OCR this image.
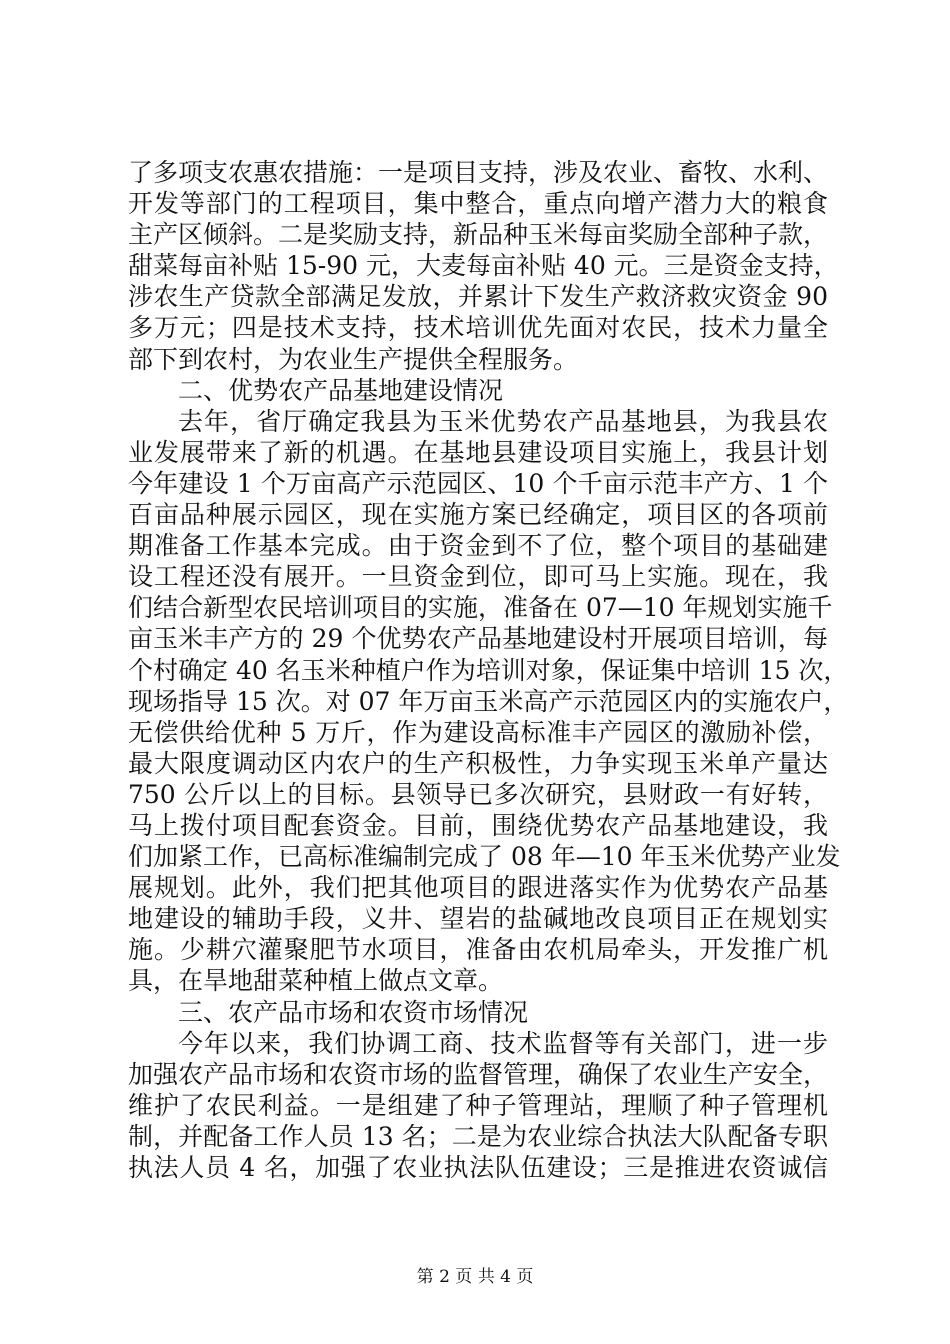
了多项支农惠农措施：一是项目支持，涉及农业、畜牧、水利、
开发等部门的工程项目，集中整合，重点向增产潜力大的粮食
主产区倾斜。二是奖励支持，新品种玉米每亩奖励全部种子款，
甜菜每亩补贴 15-90 元，大麦每亩补贴 40 元。三是资金支持，
涉农生产贷款全部满足发放，并累计下发生产救济救灾资金 90
多万元；四是技术支持，技术培训优先面对农民，技术力量全
部下到农村，为农业生产提供全程服务。
二、优势农产品基地建设情况
去年，省厅确定我县为玉米优势农产品基地县，为我县农
业发展带来了新的机遇。在基地县建设项目实施上，我县计划
今年建设 1 个万亩高产示范园区、10 个千亩示范丰产方、1 个
百亩品种展示园区，现在实施方案已经确定，项目区的各项前
期准备工作基本完成。由于资金到不了位，整个项目的基础建
设工程还没有展开。一旦资金到位，即可马上实施。现在，我
们结合新型农民培训项目的实施，准备在 07—10 年规划实施千
亩玉米丰产方的 29 个优势农产品基地建设村开展项目培训，每
个村确定 40 名玉米种植户作为培训对象，保证集中培训 15 次，
现场指导 15 次。对 07 年万亩玉米高产示范园区内的实施农户，
无偿供给优种 5 万斤，作为建设高标准丰产园区的激励补偿，
最大限度调动区内农户的生产积极性，力争实现玉米单产量达
750 公斤以上的目标。县领导已多次研究，县财政一有好转，
马上拨付项目配套资金。目前，围绕优势农产品基地建设，我
们加紧工作，已高标准编制完成了 08 年—10 年玉米优势产业发
展规划。此外，我们把其他项目的跟进落实作为优势农产品基
地建设的辅助手段，义井、望岩的盐碱地改良项目正在规划实
施。少耕穴灌聚肥节水项目，准备由农机局牵头，开发推广机
具，在旱地甜菜种植上做点文章。
三、农产品市场和农资市场情况
今年以来，我们协调工商、技术监督等有关部门，进一步
加强农产品市场和农资市场的监督管理，确保了农业生产安全，
维护了农民利益。一是组建了种子管理站，理顺了种子管理机
制，并配备工作人员 13 名；二是为农业综合执法大队配备专职
执法人员 4 名，加强了农业执法队伍建设；三是推进农资诚信
第 2 页 共 4 页
